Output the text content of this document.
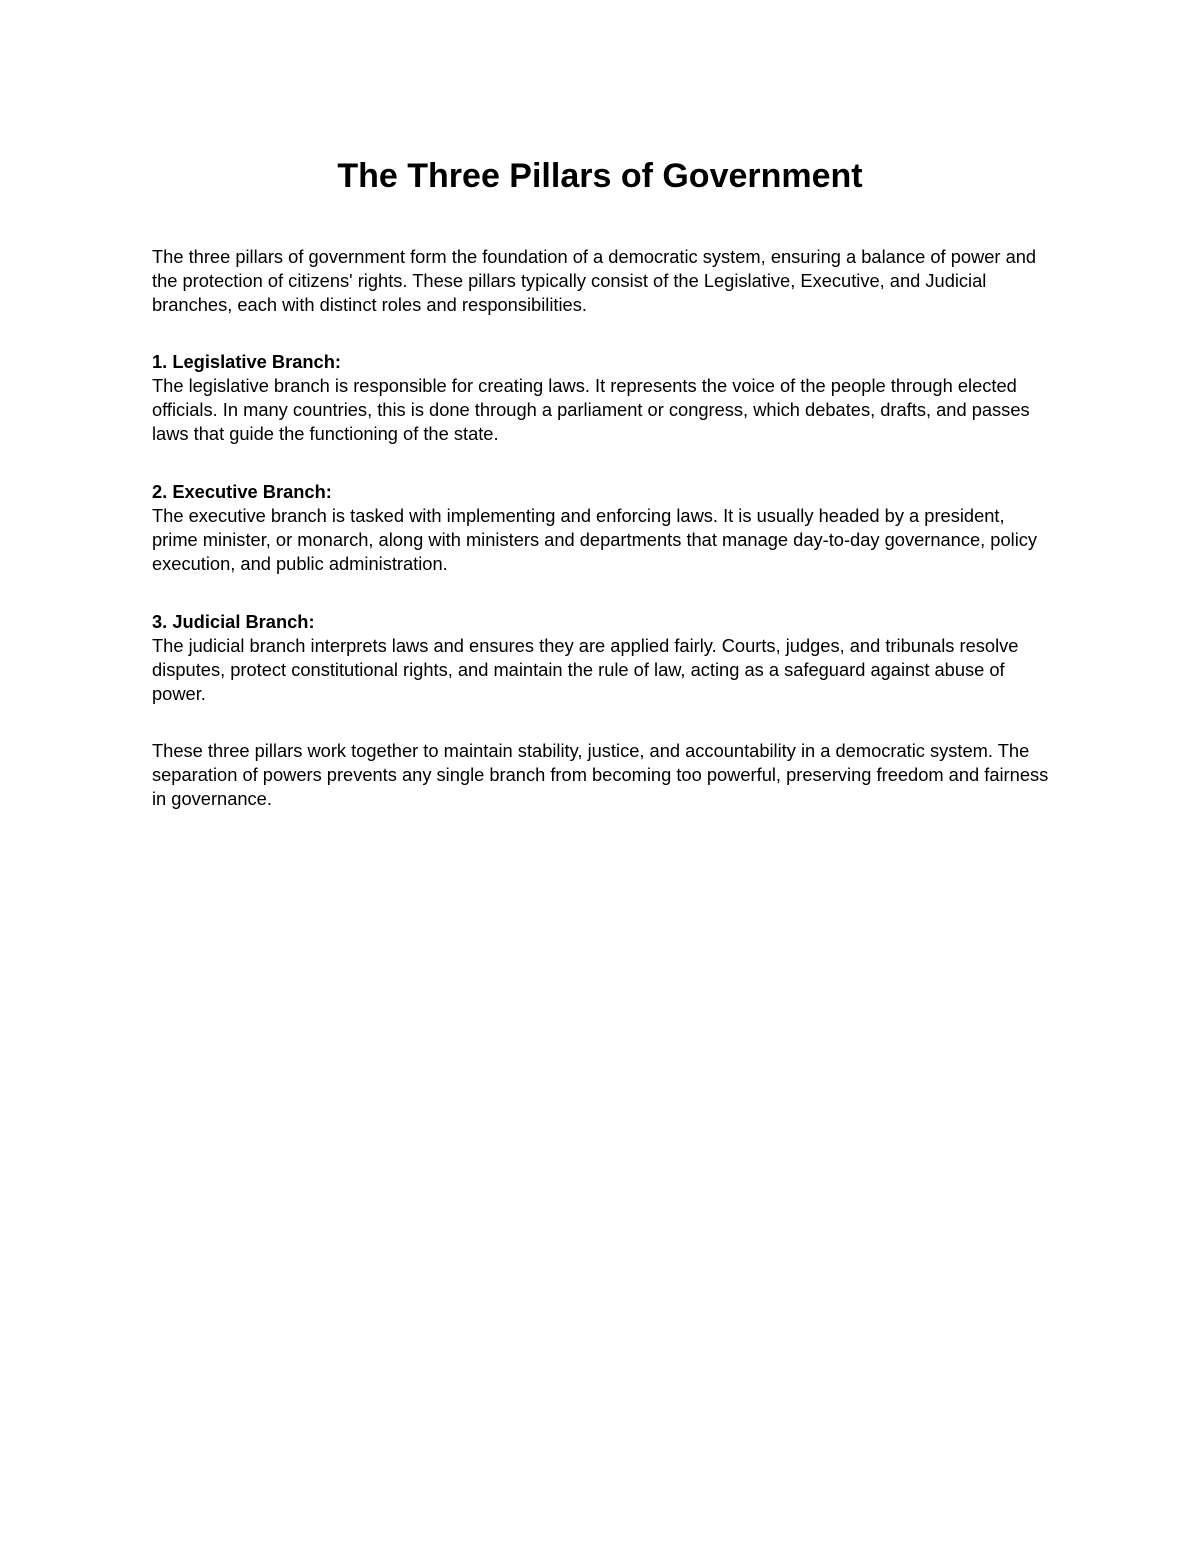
The Three Pillars of Government

The three pillars of government form the foundation of a democratic system, ensuring a balance of power and the protection of citizens' rights. These pillars typically consist of the Legislative, Executive, and Judicial branches, each with distinct roles and responsibilities.

1. Legislative Branch:
The legislative branch is responsible for creating laws. It represents the voice of the people through elected officials. In many countries, this is done through a parliament or congress, which debates, drafts, and passes laws that guide the functioning of the state.
2. Executive Branch:
The executive branch is tasked with implementing and enforcing laws. It is usually headed by a president, prime minister, or monarch, along with ministers and departments that manage day-to-day governance, policy execution, and public administration.
3. Judicial Branch:
The judicial branch interprets laws and ensures they are applied fairly. Courts, judges, and tribunals resolve disputes, protect constitutional rights, and maintain the rule of law, acting as a safeguard against abuse of power.

These three pillars work together to maintain stability, justice, and accountability in a democratic system. The separation of powers prevents any single branch from becoming too powerful, preserving freedom and fairness in governance.
